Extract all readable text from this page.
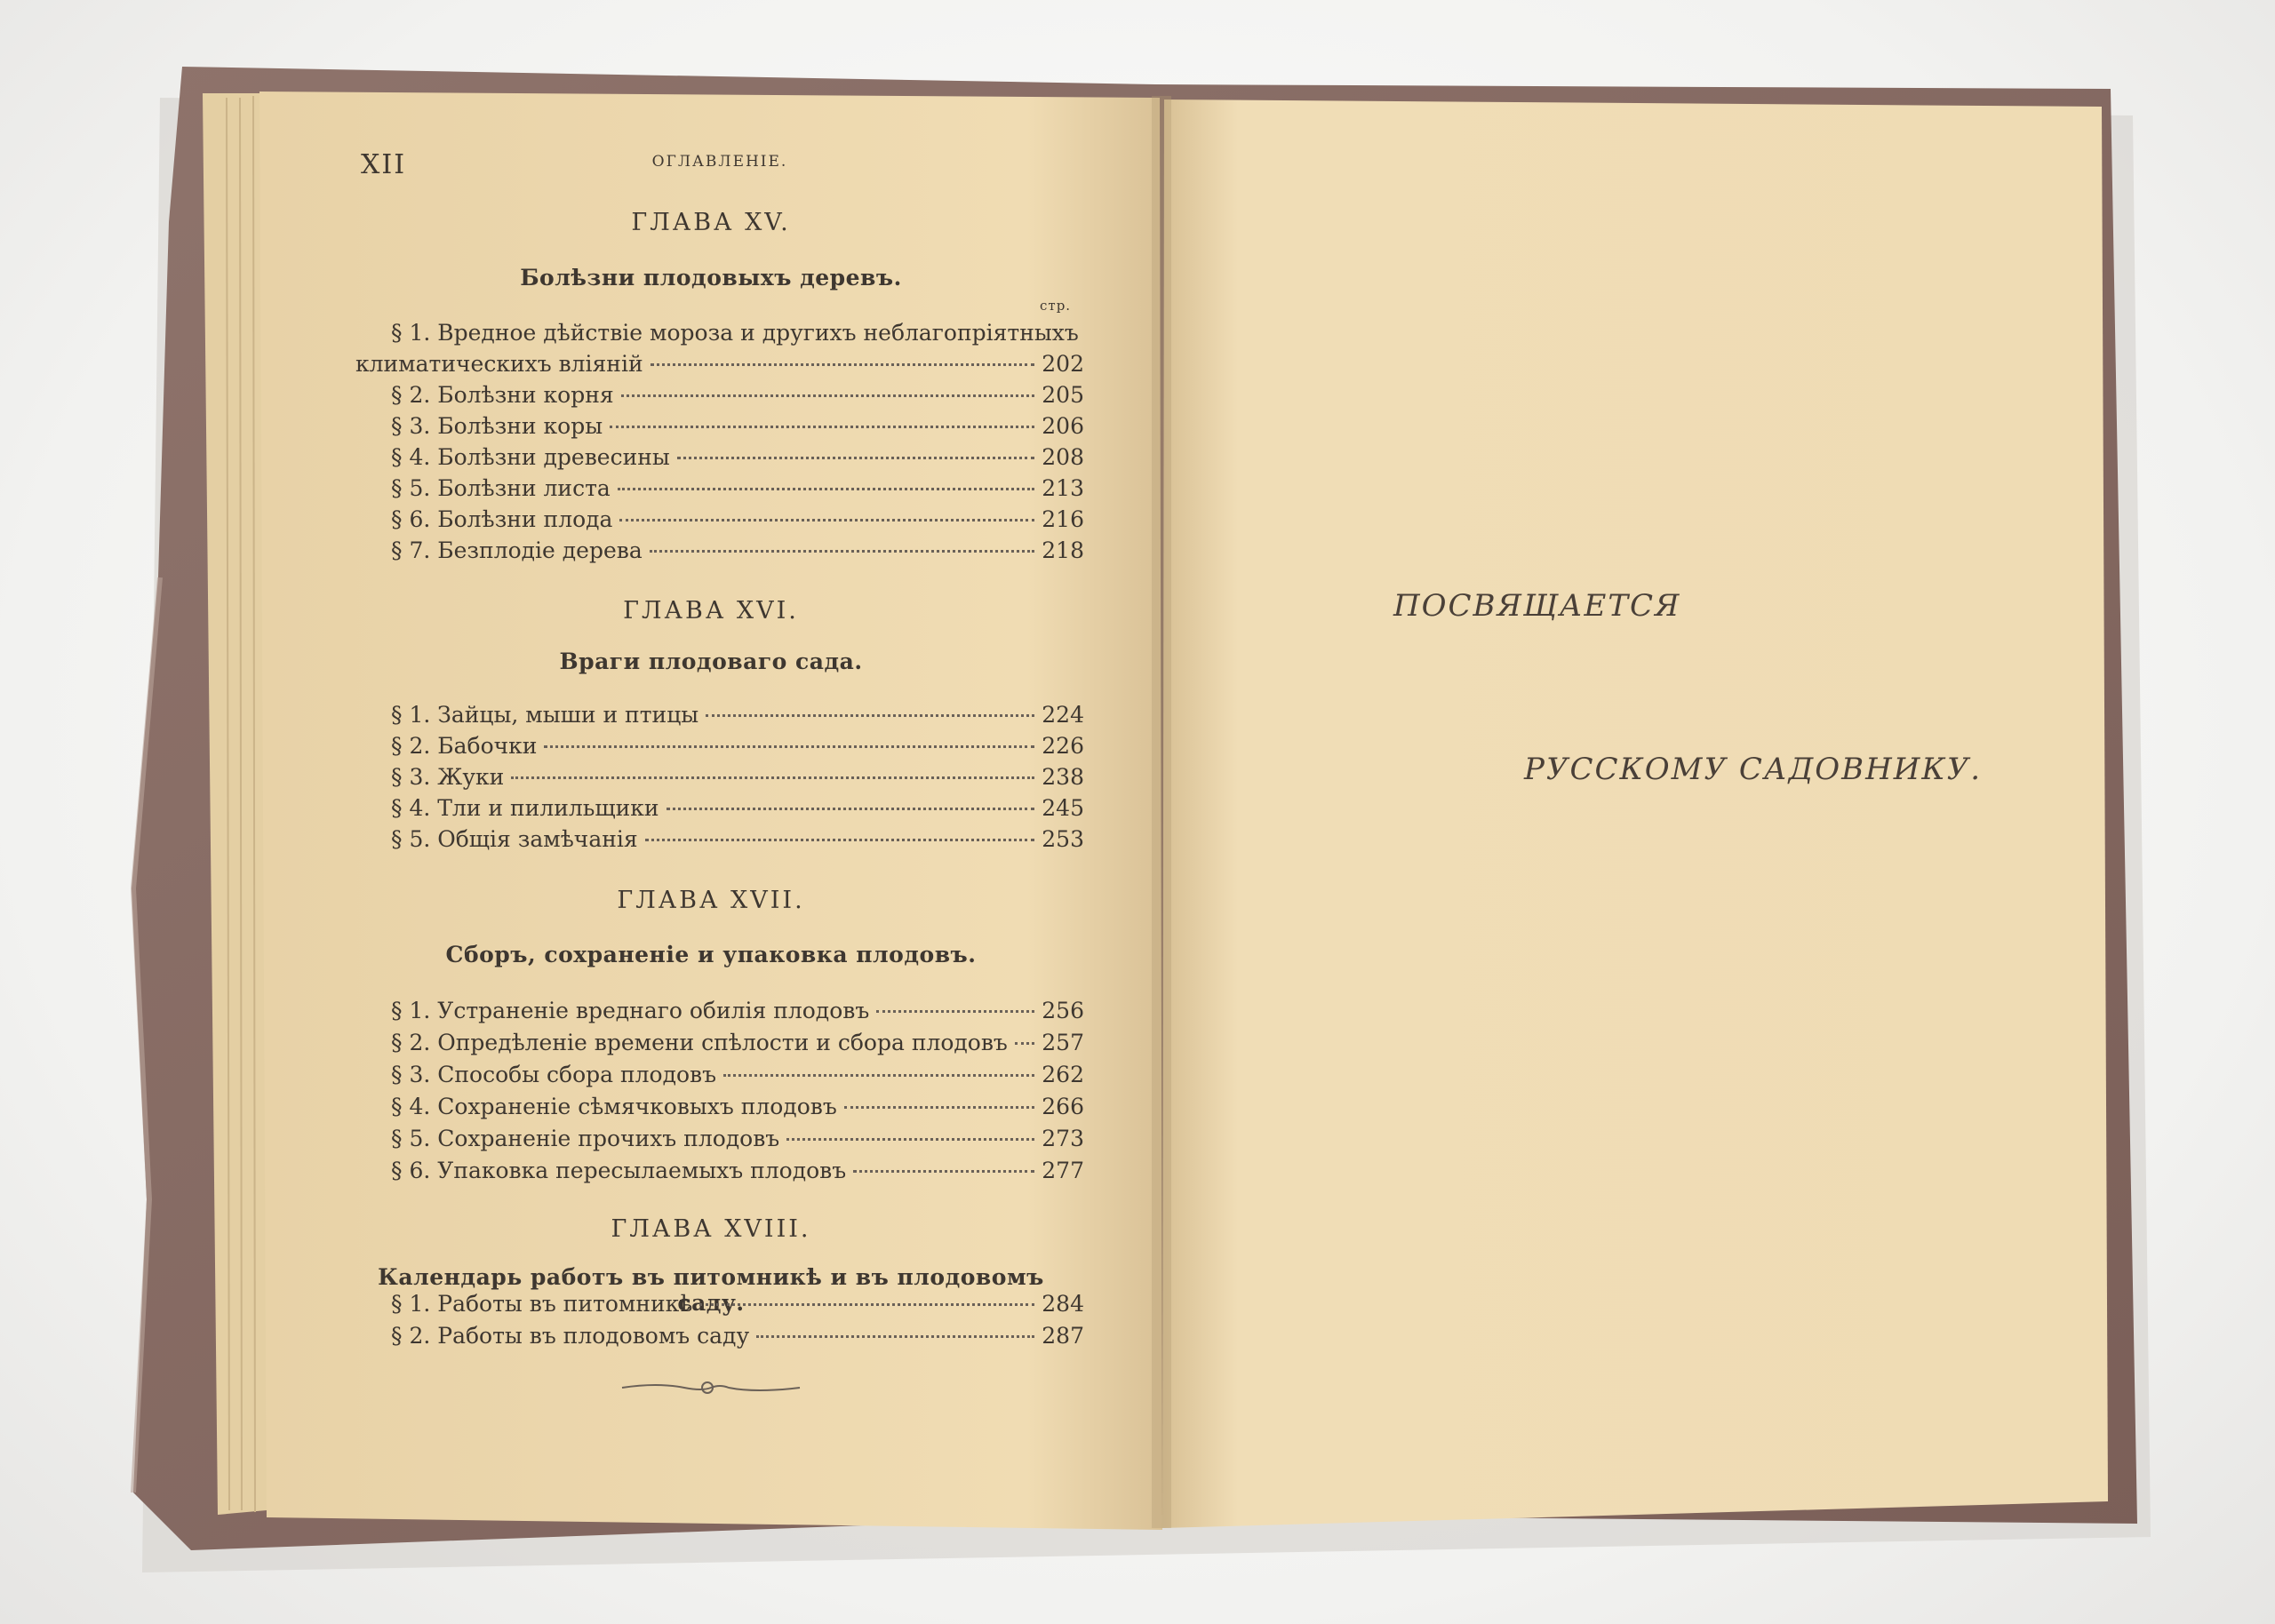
XII	ОГЛАВЛЕНІЕ.
ГЛАВА XV.
Болѣзни плодовыхъ деревъ.
стр.
§ 1. Вредное дѣйствіе мороза и другихъ неблагопріятныхъ
климатическихъ вліяній	202
§ 2. Болѣзни корня	205
§ 3. Болѣзни коры	206
§ 4. Болѣзни древесины	208
§ 5. Болѣзни листа	213
§ 6. Болѣзни плода	216
§ 7. Безплодіе дерева	218
ГЛАВА XVI.
Враги плодоваго сада.
§ 1. Зайцы, мыши и птицы	224
§ 2. Бабочки	226
§ 3. Жуки	238
§ 4. Тли и пилильщики	245
§ 5. Общія замѣчанія	253
ГЛАВА XVII.
Сборъ, сохраненіе и упаковка плодовъ.
§ 1. Устраненіе вреднаго обилія плодовъ	256
§ 2. Опредѣленіе времени спѣлости и сбора плодовъ 257
§ 3. Способы сбора плодовъ	262
§ 4. Сохраненіе сѣмячковыхъ плодовъ	266
§ 5. Сохраненіе прочихъ плодовъ	273
§ 6. Упаковка пересылаемыхъ плодовъ	277
ГЛАВА XVIII.
Календарь работъ въ питомникѣ и въ плодовомъ саду.
§ 1. Работы въ питомникѣ	284
§ 2. Работы въ плодовомъ саду	287
ПОСВЯЩАЕТСЯ
РУССКОМУ САДОВНИКУ.
